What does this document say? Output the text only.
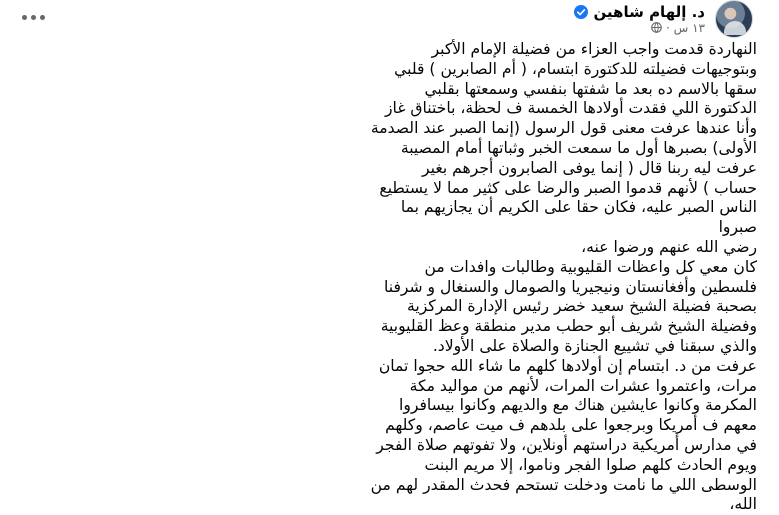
د. إلهام شاهين
١٣ س ·

النهاردة قدمت واجب العزاء من فضيلة الإمام الأكبر

وبتوجيهات فضيلته للدكتورة ابتسام، ( أم الصابرين ) قلبي

سقها بالاسم ده بعد ما شفتها بنفسي وسمعتها بقلبي

الدكتورة اللي فقدت أولادها الخمسة ف لحظة، باختناق غاز

وأنا عندها عرفت معنى قول الرسول (إنما الصبر عند الصدمة

الأولى) بصبرها أول ما سمعت الخبر وثباتها أمام المصيبة

عرفت ليه ربنا قال ( إنما يوفى الصابرون أجرهم بغير

حساب ) لأنهم قدموا الصبر والرضا على كثير مما لا يستطيع

الناس الصبر عليه، فكان حقا على الكريم أن يجازيهم بما

صبروا

رضي الله عنهم ورضوا عنه،

كان معي كل واعظات القليوبية وطالبات وافدات من

فلسطين وأفغانستان ونيجيريا والصومال والسنغال و شرفنا

بصحبة فضيلة الشيخ سعيد خضر رئيس الإدارة المركزية

وفضيلة الشيخ شريف أبو حطب مدير منطقة وعظ القليوبية

والذي سبقنا في تشييع الجنازة والصلاة على الأولاد.

عرفت من د. ابتسام إن أولادها كلهم ما شاء الله حجوا تمان

مرات، واعتمروا عشرات المرات، لأنهم من مواليد مكة

المكرمة وكانوا عايشين هناك مع والديهم وكانوا بيسافروا

معهم ف أمريكا وبرجعوا على بلدهم ف ميت عاصم، وكلهم

في مدارس أمريكية دراستهم أونلاين، ولا تفوتهم صلاة الفجر

ويوم الحادث كلهم صلوا الفجر وناموا، إلا مريم البنت

الوسطى اللي ما نامت ودخلت تستحم فحدث المقدر لهم من

الله،
